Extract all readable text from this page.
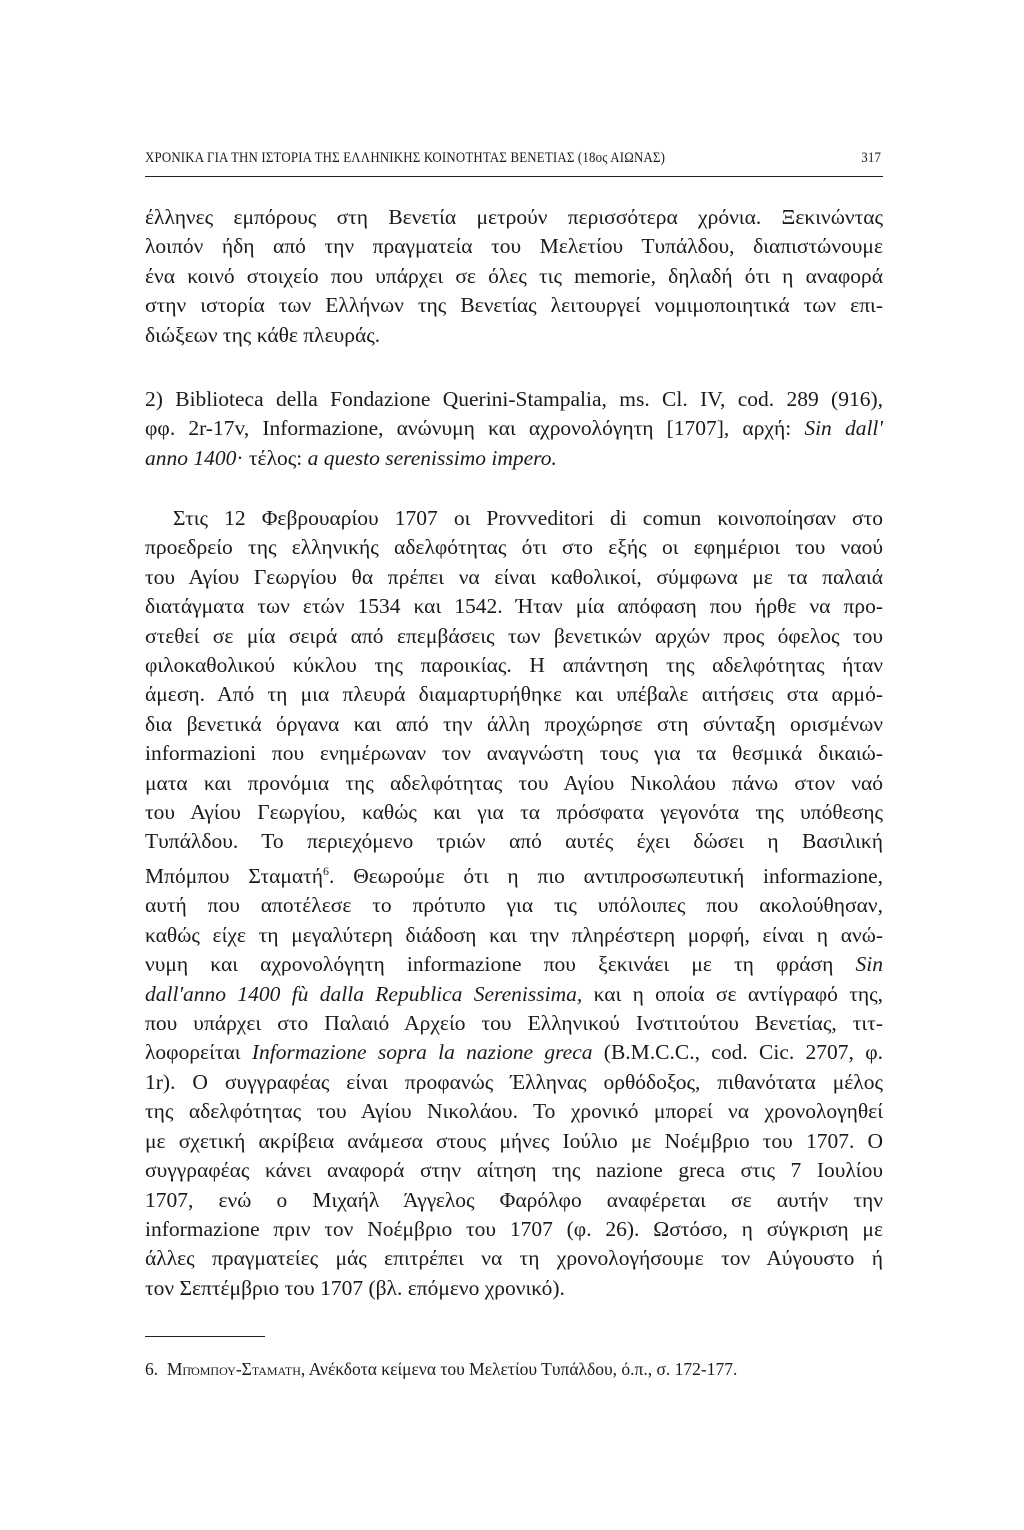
ΧΡΟΝΙΚΑ ΓΙΑ ΤΗΝ ΙΣΤΟΡΙΑ ΤΗΣ ΕΛΛΗΝΙΚΗΣ ΚΟΙΝΟΤΗΤΑΣ ΒΕΝΕΤΙΑΣ (18ος ΑΙΩΝΑΣ)	317
έλληνες εμπόρους στη Βενετία μετρούν περισσότερα χρόνια. Ξεκινώντας
λοιπόν ήδη από την πραγματεία του Μελετίου Τυπάλδου, διαπιστώνουμε
ένα κοινό στοιχείο που υπάρχει σε όλες τις memorie, δηλαδή ότι η αναφορά
στην ιστορία των Ελλήνων της Βενετίας λειτουργεί νομιμοποιητικά των επι-
διώξεων της κάθε πλευράς.
2) Biblioteca della Fondazione Querini-Stampalia, ms. Cl. IV, cod. 289 (916),
φφ. 2r-17v, Informazione, ανώνυμη και αχρονολόγητη [1707], αρχή: Sin dall'
anno 1400· τέλος: a questo serenissimo impero.
Στις 12 Φεβρουαρίου 1707 οι Provveditori di comun κοινοποίησαν στο
προεδρείο της ελληνικής αδελφότητας ότι στο εξής οι εφημέριοι του ναού
του Αγίου Γεωργίου θα πρέπει να είναι καθολικοί, σύμφωνα με τα παλαιά
διατάγματα των ετών 1534 και 1542. Ήταν μία απόφαση που ήρθε να προ-
στεθεί σε μία σειρά από επεμβάσεις των βενετικών αρχών προς όφελος του
φιλοκαθολικού κύκλου της παροικίας. Η απάντηση της αδελφότητας ήταν
άμεση. Από τη μια πλευρά διαμαρτυρήθηκε και υπέβαλε αιτήσεις στα αρμό-
δια βενετικά όργανα και από την άλλη προχώρησε στη σύνταξη ορισμένων
informazioni που ενημέρωναν τον αναγνώστη τους για τα θεσμικά δικαιώ-
ματα και προνόμια της αδελφότητας του Αγίου Νικολάου πάνω στον ναό
του Αγίου Γεωργίου, καθώς και για τα πρόσφατα γεγονότα της υπόθεσης
Τυπάλδου. Το περιεχόμενο τριών από αυτές έχει δώσει η Βασιλική
Μπόμπου Σταματή$^6$. Θεωρούμε ότι η πιο αντιπροσωπευτική informazione,
αυτή που αποτέλεσε το πρότυπο για τις υπόλοιπες που ακολούθησαν,
καθώς είχε τη μεγαλύτερη διάδοση και την πληρέστερη μορφή, είναι η ανώ-
νυμη και αχρονολόγητη informazione που ξεκινάει με τη φράση Sin
dall'anno 1400 fù dalla Republica Serenissima, και η οποία σε αντίγραφό της,
που υπάρχει στο Παλαιό Αρχείο του Ελληνικού Ινστιτούτου Βενετίας, τιτ-
λοφορείται Informazione sopra la nazione greca (B.M.C.C., cod. Cic. 2707, φ.
1r). Ο συγγραφέας είναι προφανώς Έλληνας ορθόδοξος, πιθανότατα μέλος
της αδελφότητας του Αγίου Νικολάου. Το χρονικό μπορεί να χρονολογηθεί
με σχετική ακρίβεια ανάμεσα στους μήνες Ιούλιο με Νοέμβριο του 1707. Ο
συγγραφέας κάνει αναφορά στην αίτηση της nazione greca στις 7 Ιουλίου
1707, ενώ ο Μιχαήλ Άγγελος Φαρόλφο αναφέρεται σε αυτήν την
informazione πριν τον Νοέμβριο του 1707 (φ. 26). Ωστόσο, η σύγκριση με
άλλες πραγματείες μάς επιτρέπει να τη χρονολογήσουμε τον Αύγουστο ή
τον Σεπτέμβριο του 1707 (βλ. επόμενο χρονικό).
6. Μπόμπου-Σταματη, Ανέκδοτα κείμενα του Μελετίου Τυπάλδου, ό.π., σ. 172-177.
